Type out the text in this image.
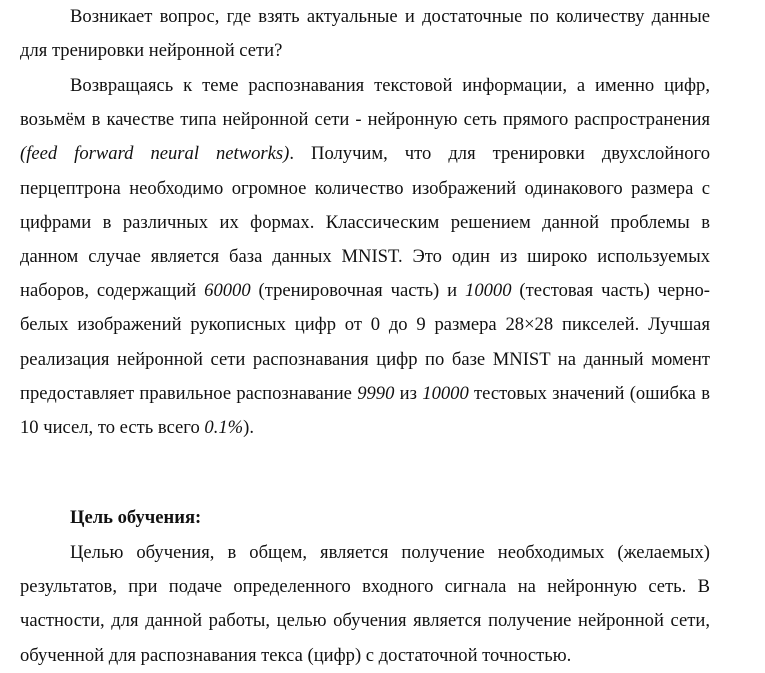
Возникает вопрос, где взять актуальные и достаточные по количеству данные для тренировки нейронной сети?

Возвращаясь к теме распознавания текстовой информации, а именно цифр, возьмём в качестве типа нейронной сети - нейронную сеть прямого распространения (feed forward neural networks). Получим, что для тренировки двухслойного перцептрона необходимо огромное количество изображений одинакового размера с цифрами в различных их формах. Классическим решением данной проблемы в данном случае является база данных MNIST. Это один из широко используемых наборов, содержащий 60000 (тренировочная часть) и 10000 (тестовая часть) черно-белых изображений рукописных цифр от 0 до 9 размера 28×28 пикселей. Лучшая реализация нейронной сети распознавания цифр по базе MNIST на данный момент предоставляет правильное распознавание 9990 из 10000 тестовых значений (ошибка в 10 чисел, то есть всего 0.1%).

Цель обучения:

Целью обучения, в общем, является получение необходимых (желаемых) результатов, при подаче определенного входного сигнала на нейронную сеть. В частности, для данной работы, целью обучения является получение нейронной сети, обученной для распознавания текса (цифр) с достаточной точностью.
